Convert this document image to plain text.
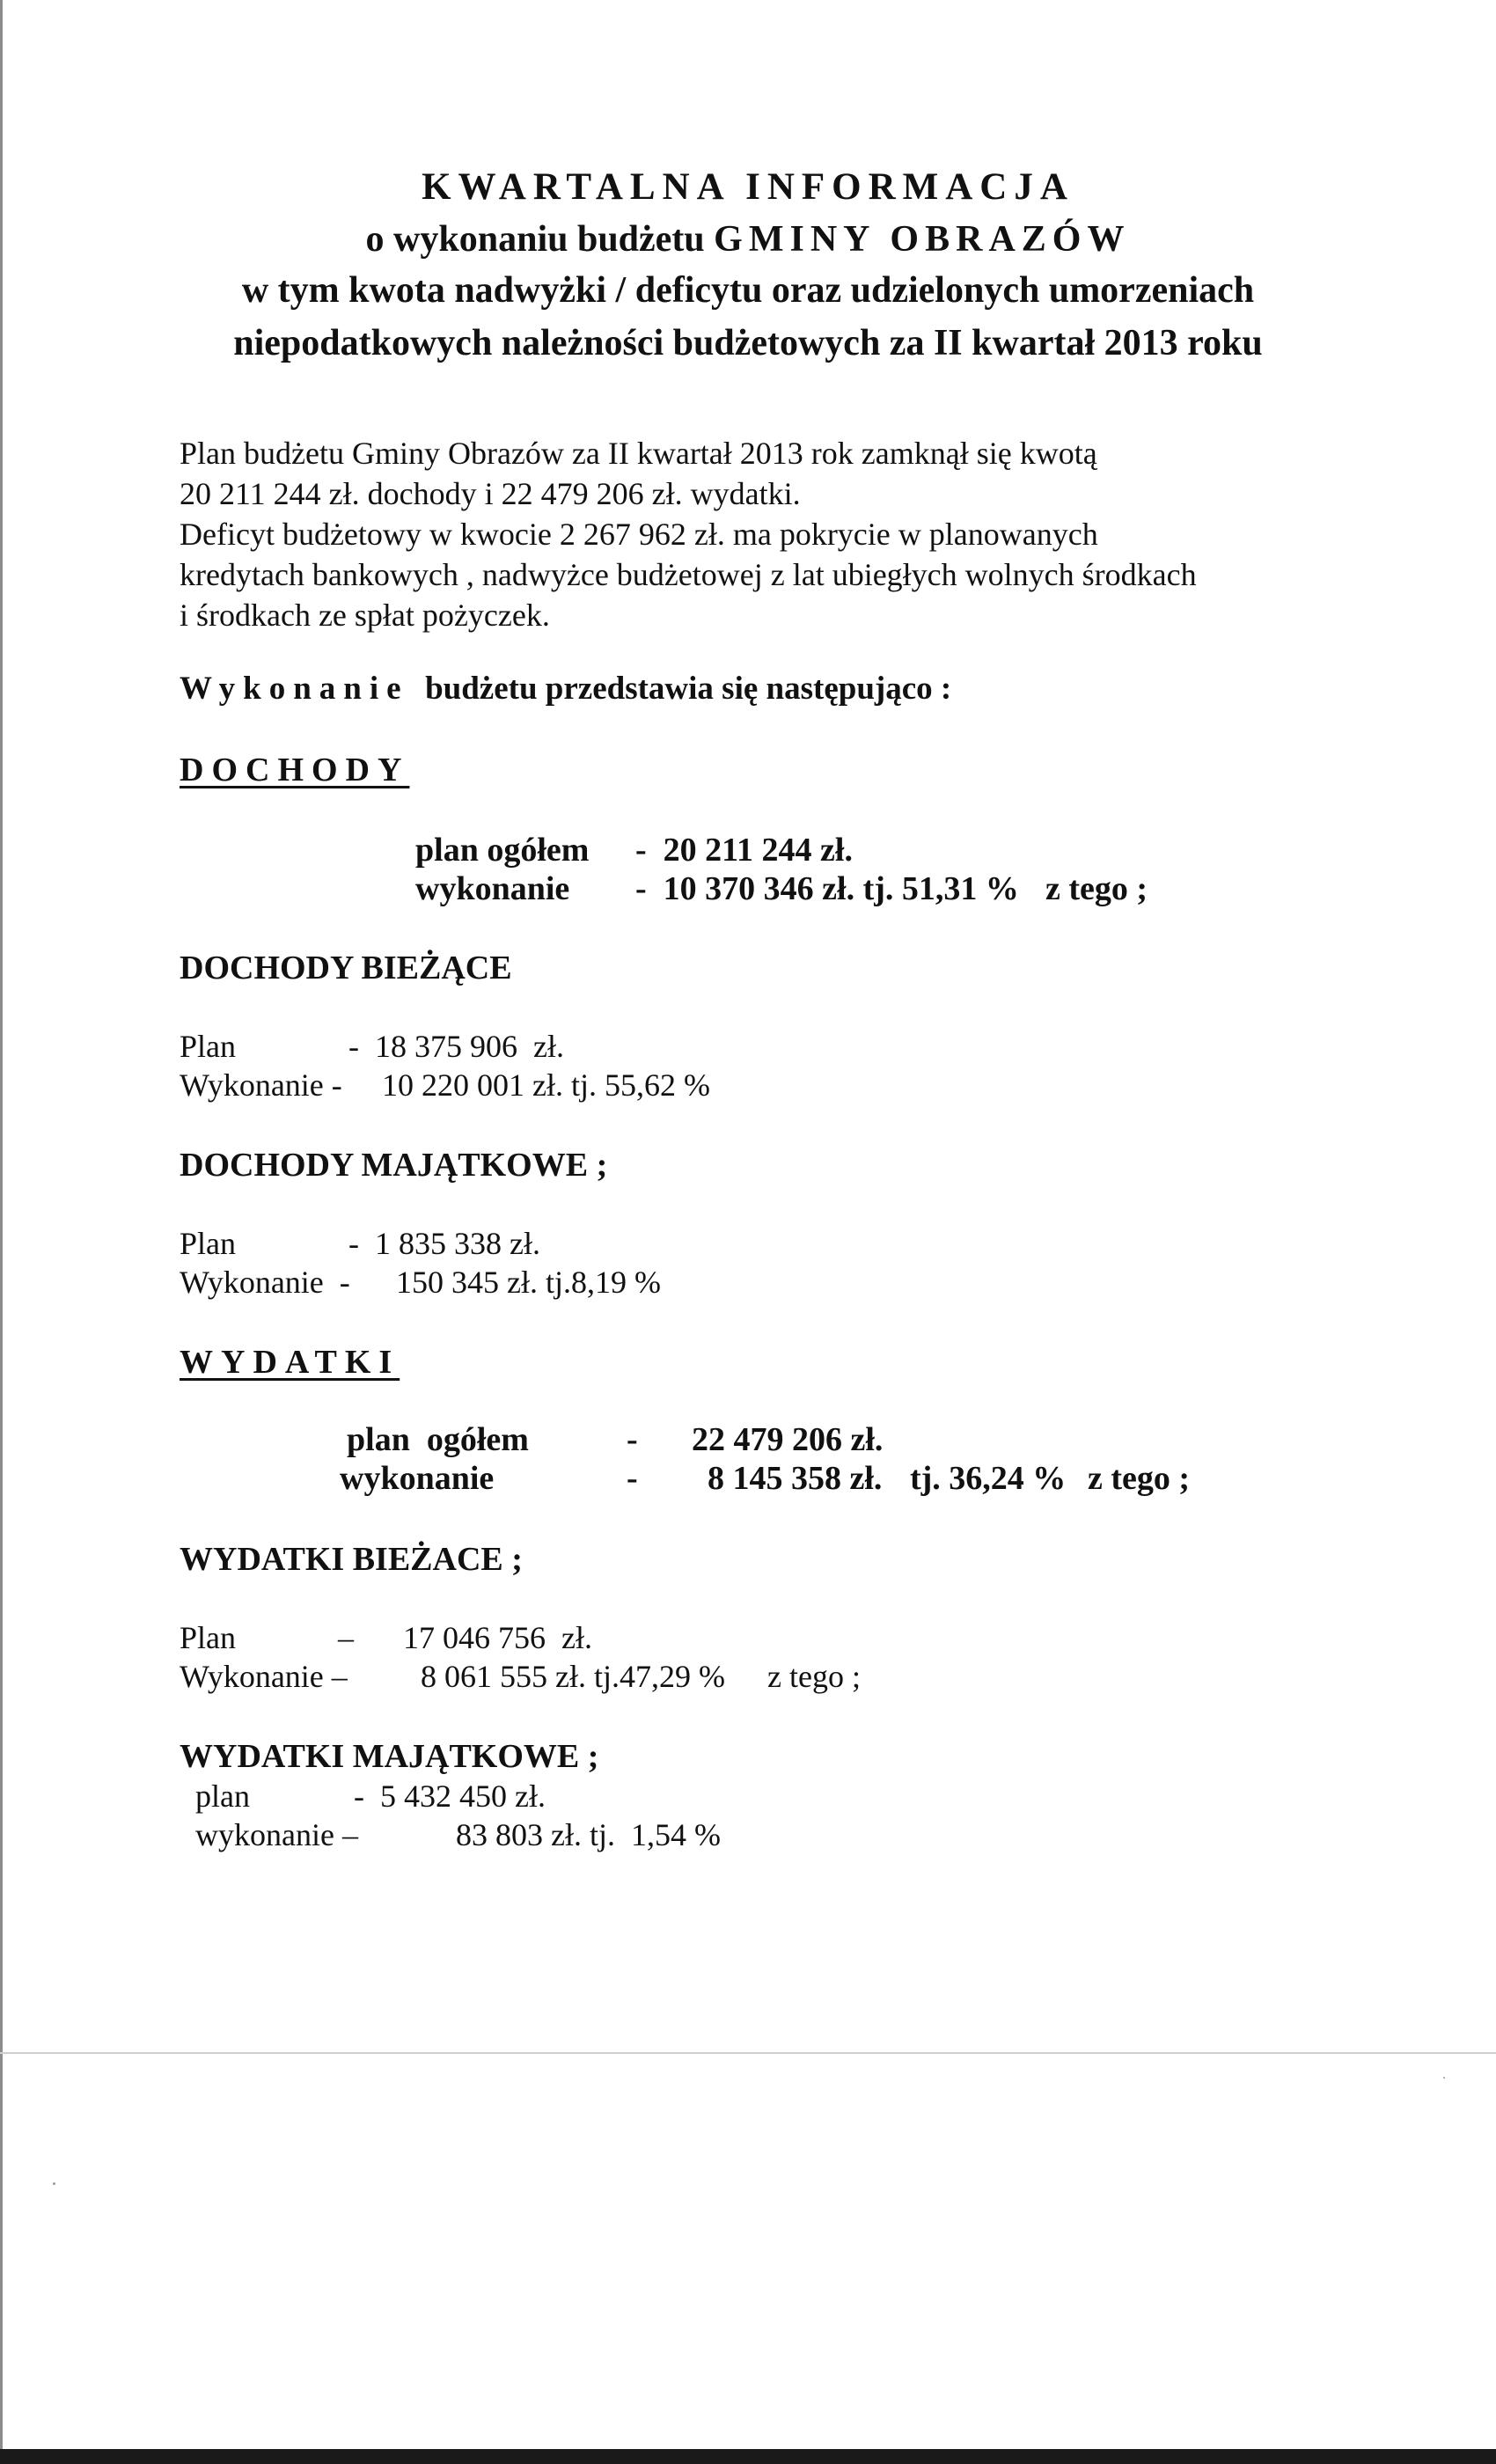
KWARTALNA INFORMACJA
o wykonaniu budżetu GMINY OBRAZÓW
w tym kwota nadwyżki / deficytu oraz udzielonych umorzeniach
niepodatkowych należności budżetowych za II kwartał 2013 roku
Plan budżetu Gminy Obrazów za II kwartał 2013 rok zamknął się kwotą
20 211 244 zł. dochody i 22 479 206 zł. wydatki.
Deficyt budżetowy w kwocie 2 267 962 zł. ma pokrycie w planowanych
kredytach bankowych , nadwyżce budżetowej z lat ubiegłych wolnych środkach
i środkach ze spłat pożyczek.
Wykonanie budżetu przedstawia się następująco :
DOCHODY
plan ogółem -  20 211 244 zł.
wykonanie -  10 370 346 zł. tj. 51,31 % z tego ;
DOCHODY BIEŻĄCE
Plan	-  18 375 906  zł.
Wykonanie - 10 220 001 zł. tj. 55,62 %
DOCHODY MAJĄTKOWE ;
Plan	-  1 835 338 zł.
Wykonanie  - 150 345 zł. tj.8,19 %
WYDATKI
plan  ogółem	- 22 479 206 zł.
wykonanie	- 8 145 358 zł. tj. 36,24 % z tego ;
WYDATKI BIEŻACE ;
Plan	– 17 046 756  zł.
Wykonanie – 8 061 555 zł. tj.47,29 % z tego ;
WYDATKI MAJĄTKOWE ;
plan	-  5 432 450 zł.
wykonanie –	83 803 zł. tj.  1,54 %
